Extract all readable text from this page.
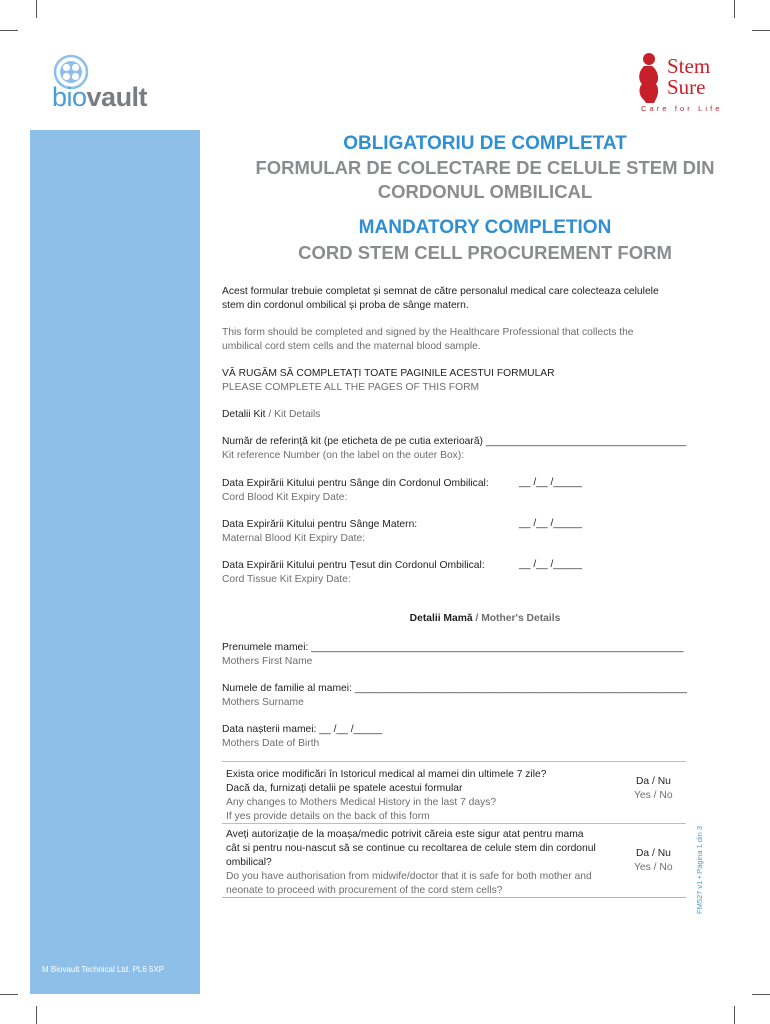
M Biovault Technical Ltd. PL6 5XP
biovault
Stem
Sure
Care for Life
OBLIGATORIU DE COMPLETAT
FORMULAR DE COLECTARE DE CELULE STEM DIN
CORDONUL OMBILICAL
MANDATORY COMPLETION
CORD STEM CELL PROCUREMENT FORM
Acest formular trebuie completat și semnat de către personalul medical care colecteaza celulele
stem din cordonul ombilical și proba de sânge matern.
This form should be completed and signed by the Healthcare Professional that collects the
umbilical cord stem cells and the maternal blood sample.
VĂ RUGĂM SĂ COMPLETAȚI TOATE PAGINILE ACESTUI FORMULAR
PLEASE COMPLETE ALL THE PAGES OF THIS FORM
Detalii Kit / Kit Details
Număr de referință kit (pe eticheta de pe cutia exterioară) ___________________________________
Kit reference Number (on the label on the outer Box):
Data Expirării Kitului pentru Sânge din Cordonul Ombilical:	__ /__ /_____
Cord Blood Kit Expiry Date:
Data Expirării Kitului pentru Sânge Matern:	__ /__ /_____
Maternal Blood Kit Expiry Date:
Data Expirării Kitului pentru Țesut din Cordonul Ombilical:	__ /__ /_____
Cord Tissue Kit Expiry Date:
Detalii Mamă / Mother's Details
Prenumele mamei: _________________________________________________________________
Mothers First Name
Numele de familie al mamei: __________________________________________________________
Mothers Surname
Data nașterii mamei: __ /__ /_____
Mothers Date of Birth
Exista orice modificări în Istoricul medical al mamei din ultimele 7 zile?
Dacă da, furnizați detalii pe spatele acestui formular
Any changes to Mothers Medical History in the last 7 days?
If yes provide details on the back of this form
Da / Nu
Yes / No
Aveți autorizație de la moașa/medic potrivit căreia este sigur atat pentru mama
cât si pentru nou-nascut să se continue cu recoltarea de celule stem din cordonul
ombilical?
Do you have authorisation from midwife/doctor that it is safe for both mother and
neonate to proceed with procurement of the cord stem cells?
Da / Nu
Yes / No	FM527 v1 • Pagina 1 din 3
